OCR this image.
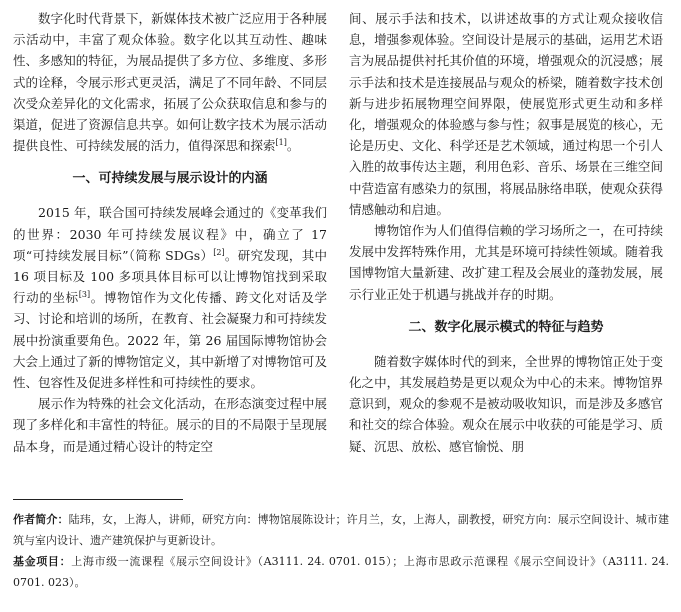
数字化时代背景下，新媒体技术被广泛应用于各种展示活动中，丰富了观众体验。数字化以其互动性、趣味性、多感知的特征，为展品提供了多方位、多维度、多形式的诠释，令展示形式更灵活，满足了不同年龄、不同层次受众差异化的文化需求，拓展了公众获取信息和参与的渠道，促进了资源信息共享。如何让数字技术为展示活动提供良性、可持续发展的活力，值得深思和探索[1]。

一、可持续发展与展示设计的内涵

2015 年，联合国可持续发展峰会通过的《变革我们的世界：2030 年可持续发展议程》中，确立了 17 项“可持续发展目标”（简称 SDGs）[2]。研究发现，其中 16 项目标及 100 多项具体目标可以让博物馆找到采取行动的坐标[3]。博物馆作为文化传播、跨文化对话及学习、讨论和培训的场所，在教育、社会凝聚力和可持续发展中扮演重要角色。2022 年，第 26 届国际博物馆协会大会上通过了新的博物馆定义，其中新增了对博物馆可及性、包容性及促进多样性和可持续性的要求。

展示作为特殊的社会文化活动，在形态演变过程中展现了多样化和丰富性的特征。展示的目的不局限于呈现展品本身，而是通过精心设计的特定空

间、展示手法和技术，以讲述故事的方式让观众接收信息，增强参观体验。空间设计是展示的基础，运用艺术语言为展品提供衬托其价值的环境，增强观众的沉浸感；展示手法和技术是连接展品与观众的桥梁，随着数字技术创新与进步拓展物理空间界限，使展览形式更生动和多样化，增强观众的体验感与参与性；叙事是展览的核心，无论是历史、文化、科学还是艺术领域，通过构思一个引人入胜的故事传达主题，利用色彩、音乐、场景在三维空间中营造富有感染力的氛围，将展品脉络串联，使观众获得情感触动和启迪。

博物馆作为人们值得信赖的学习场所之一，在可持续发展中发挥特殊作用，尤其是环境可持续性领域。随着我国博物馆大量新建、改扩建工程及会展业的蓬勃发展，展示行业正处于机遇与挑战并存的时期。

二、数字化展示模式的特征与趋势

随着数字媒体时代的到来，全世界的博物馆正处于变化之中，其发展趋势是更以观众为中心的未来。博物馆界意识到，观众的参观不是被动吸收知识，而是涉及多感官和社交的综合体验。观众在展示中收获的可能是学习、质疑、沉思、放松、感官愉悦、朋

作者简介：陆玮，女，上海人，讲师，研究方向：博物馆展陈设计；许月兰，女，上海人，副教授，研究方向：展示空间设计、城市建筑与室内设计、遗产建筑保护与更新设计。
基金项目：上海市级一流课程《展示空间设计》（A3111. 24. 0701. 015）；上海市思政示范课程《展示空间设计》（A3111. 24. 0701. 023）。
